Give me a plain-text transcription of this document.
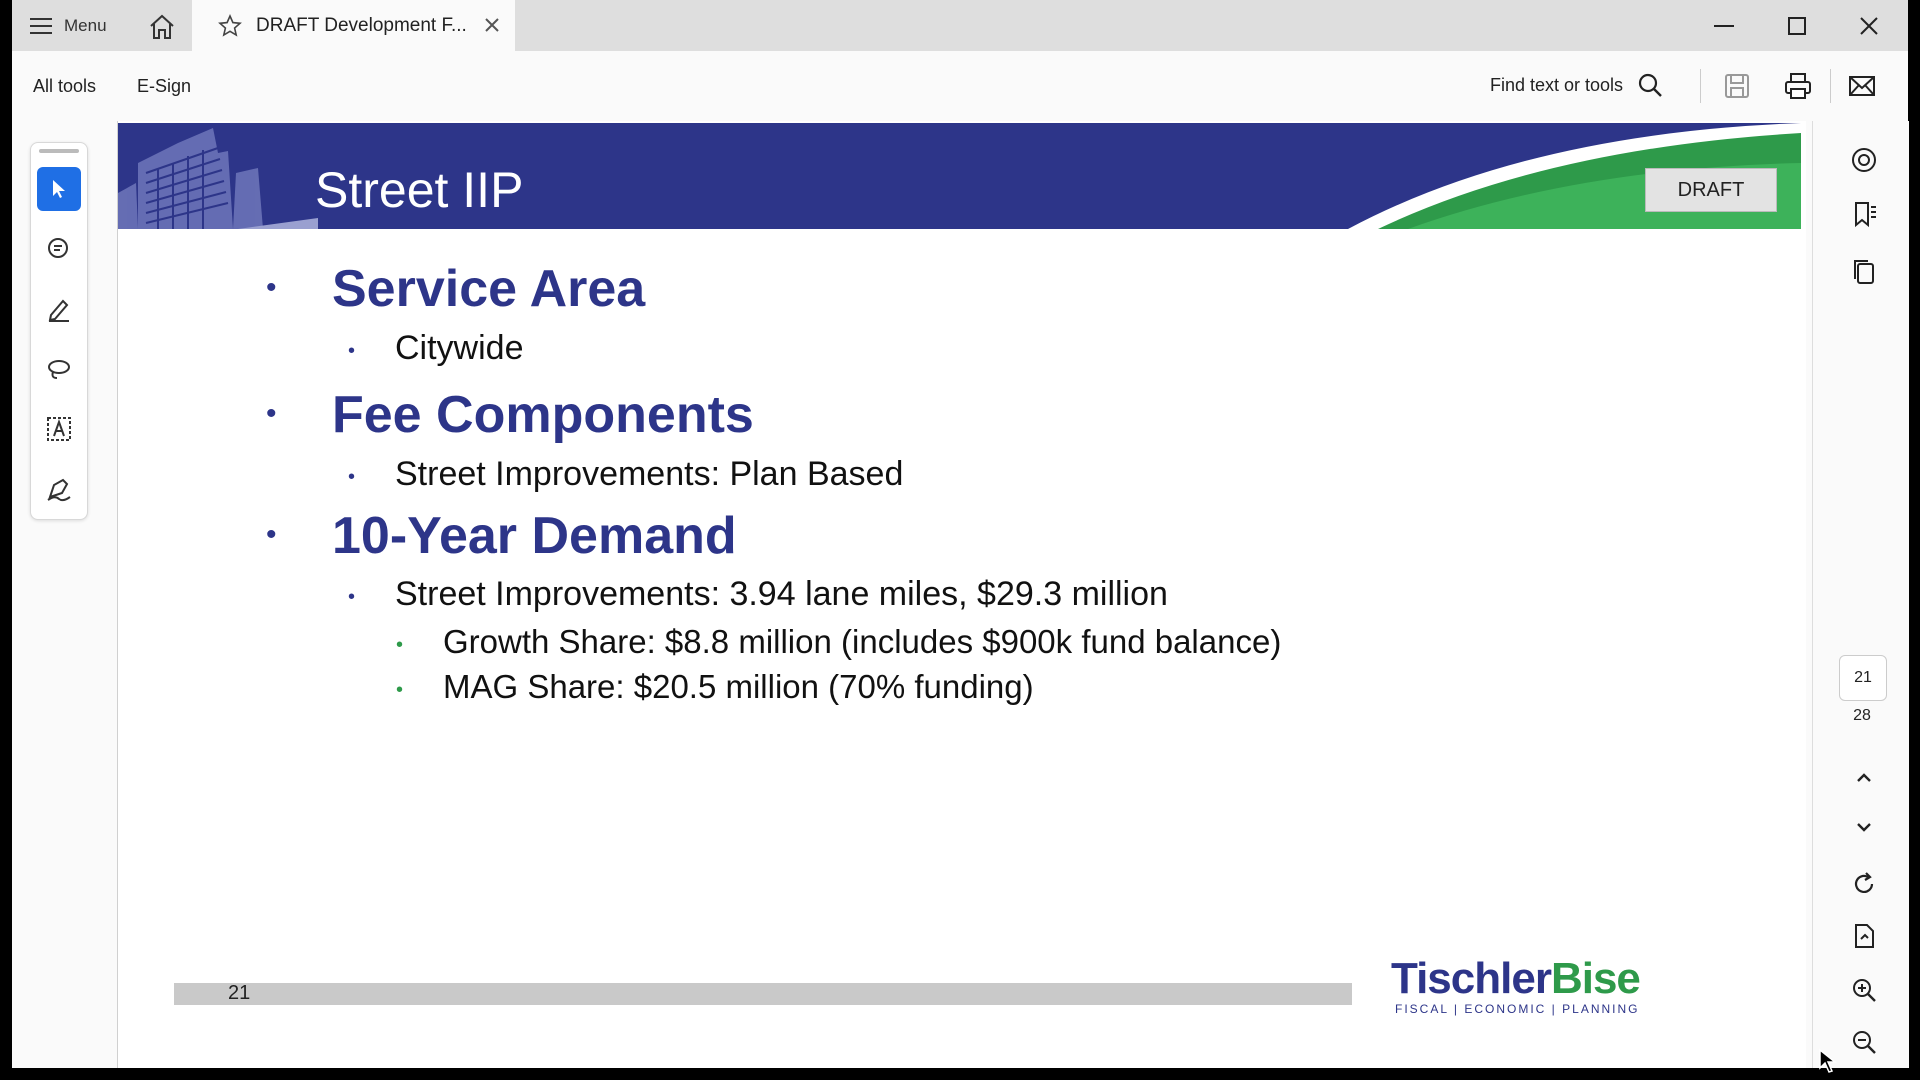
Menu	DRAFT Development F...
All tools E-Sign	Find text or tools
Street IIP	DRAFT
• Service Area
• Citywide
• Fee Components
• Street Improvements: Plan Based
• 10-Year Demand
• Street Improvements: 3.94 lane miles, $29.3 million
• Growth Share: $8.8 million (includes $900k fund balance)
• MAG Share: $20.5 million (70% funding)
21	TischlerBise
FISCAL | ECONOMIC | PLANNING
21
28
